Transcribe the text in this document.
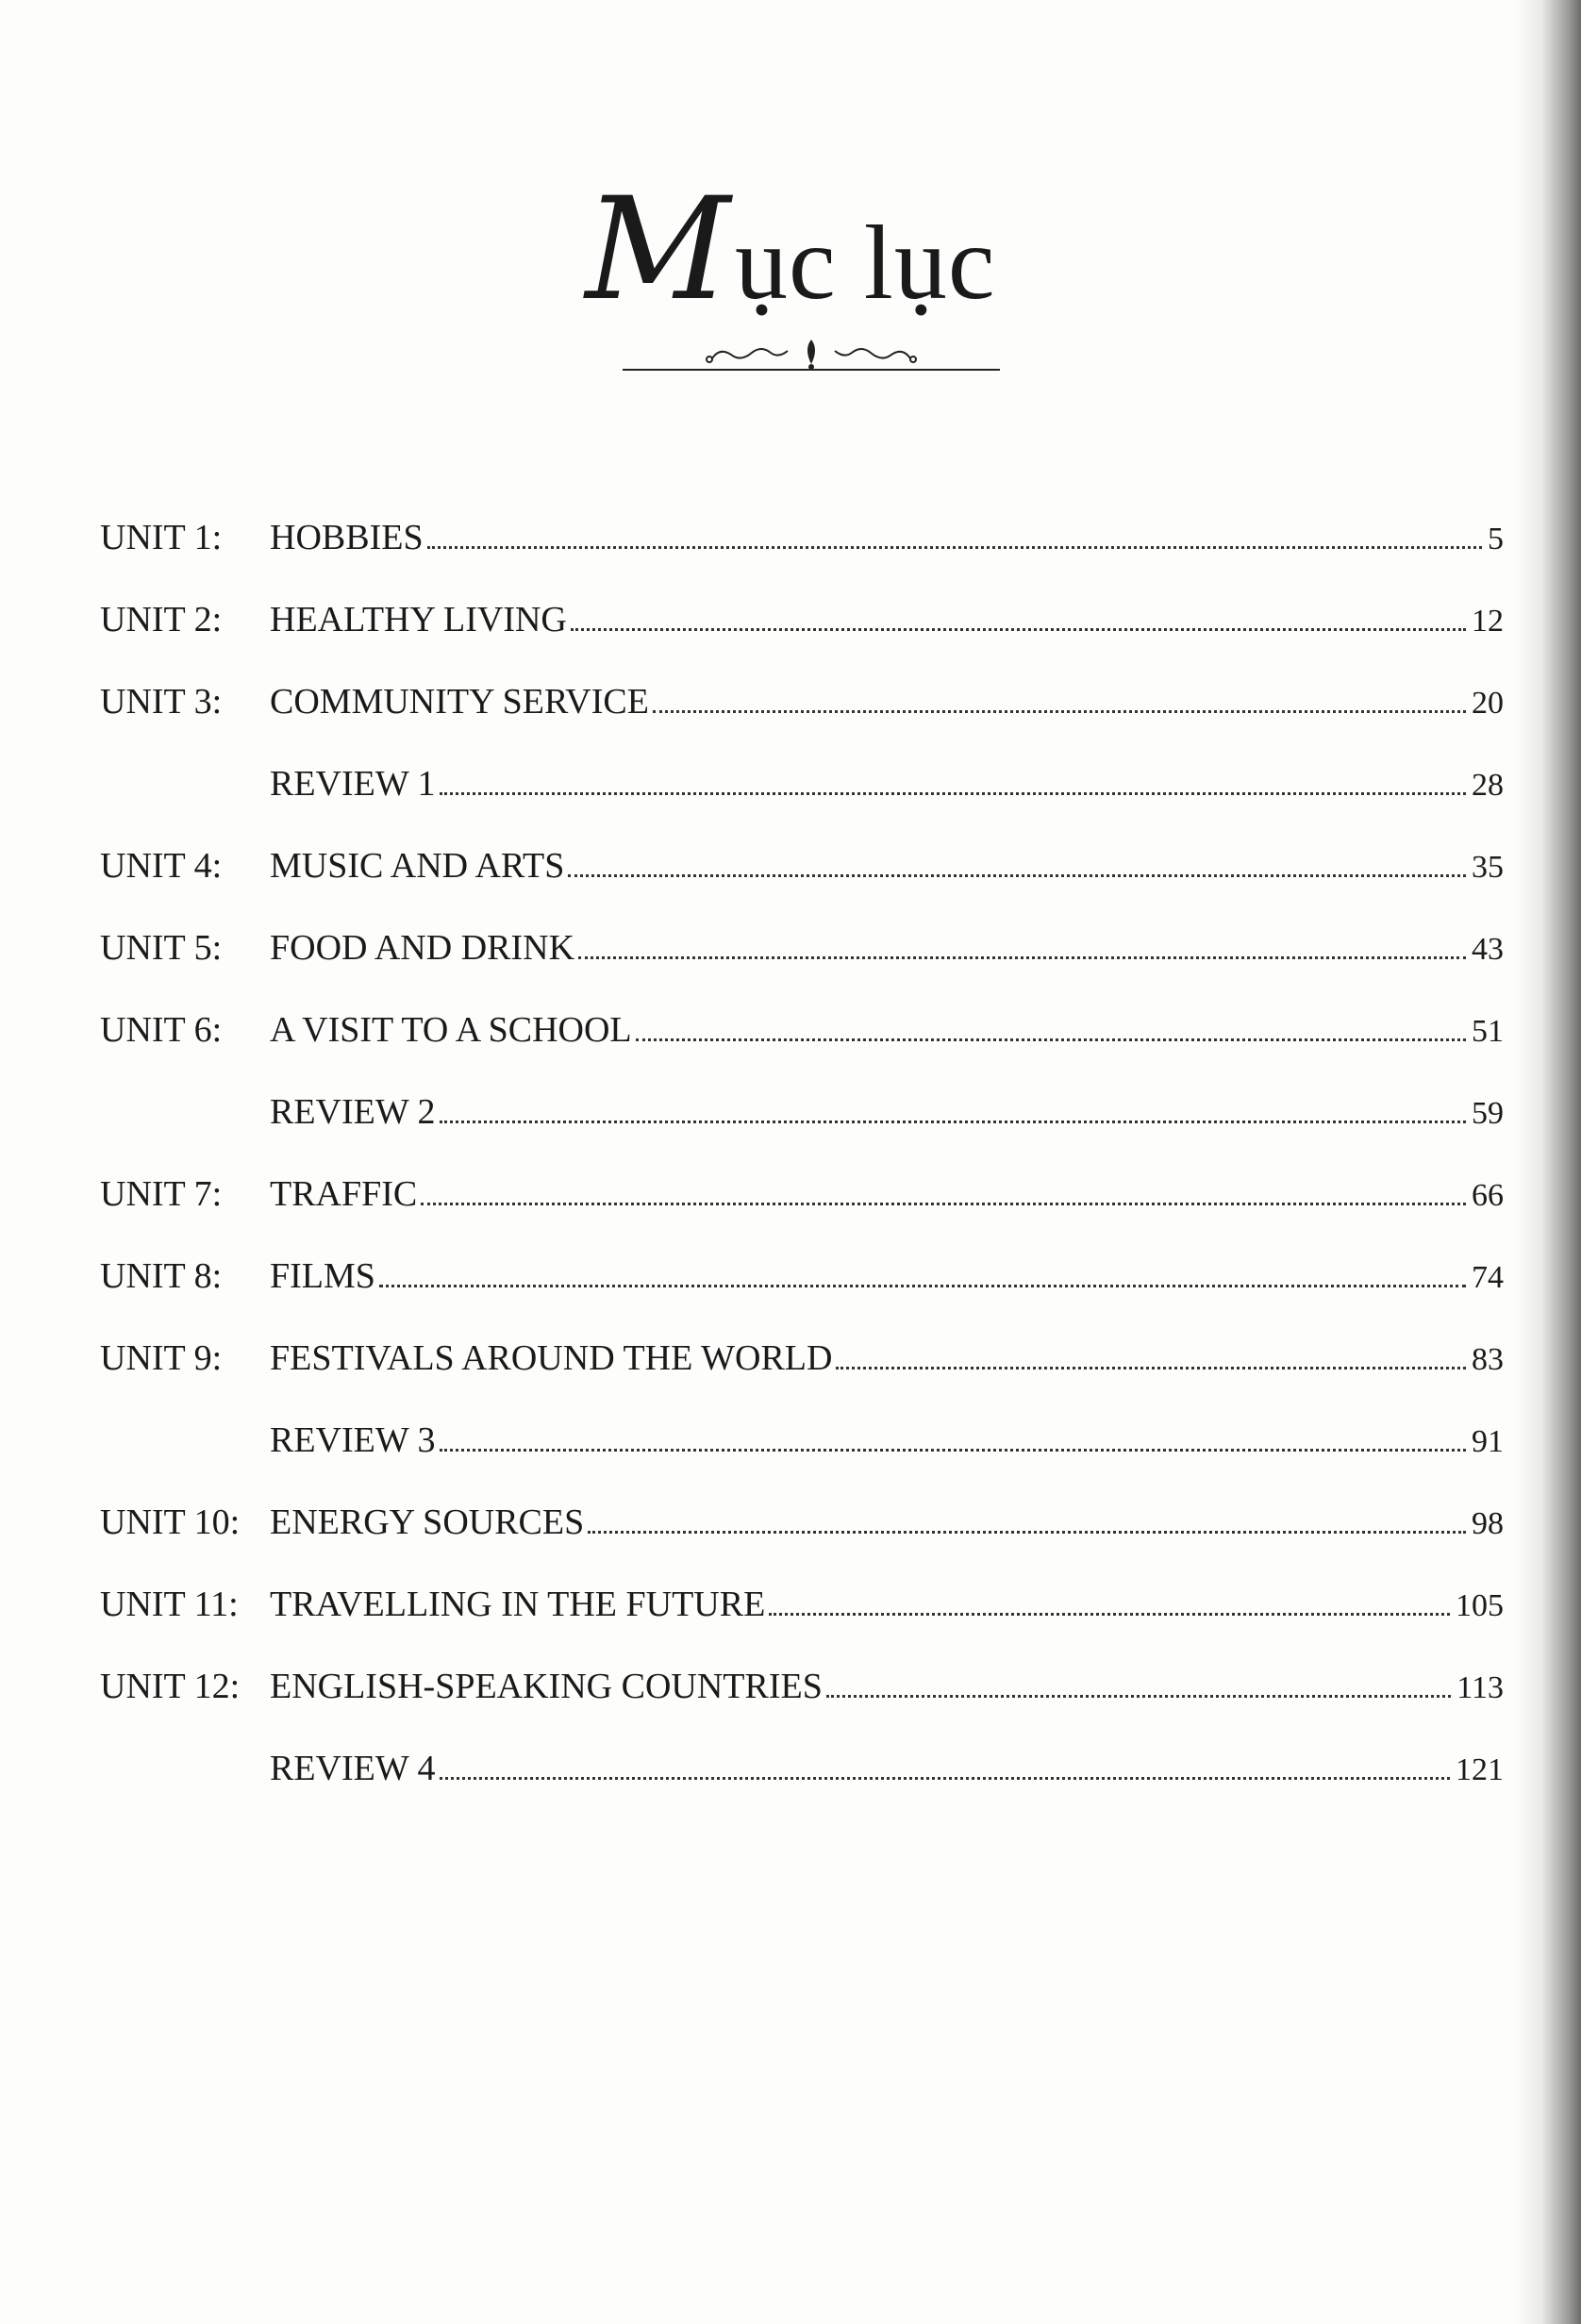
M ục lục
UNIT 1:	HOBBIES	5
UNIT 2:	HEALTHY LIVING	12
UNIT 3:	COMMUNITY SERVICE	20
REVIEW 1	28
UNIT 4:	MUSIC AND ARTS	35
UNIT 5:	FOOD AND DRINK	43
UNIT 6:	A VISIT TO A SCHOOL	51
REVIEW 2	59
UNIT 7:	TRAFFIC	66
UNIT 8:	FILMS	74
UNIT 9:	FESTIVALS AROUND THE WORLD	83
REVIEW 3	91
UNIT 10: ENERGY SOURCES	98
UNIT 11: TRAVELLING IN THE FUTURE	105
UNIT 12: ENGLISH-SPEAKING COUNTRIES	113
REVIEW 4	121
